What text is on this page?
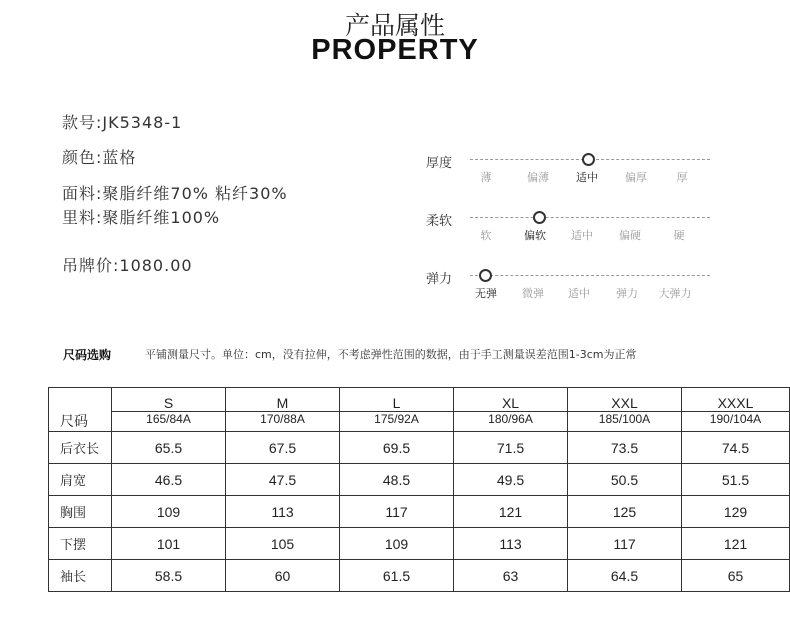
产品属性
PROPERTY
款号:JK5348-1
颜色:蓝格
面料:聚脂纤维70% 粘纤30%
里料:聚脂纤维100%
吊牌价:1080.00
厚度
薄	偏薄	适中	偏厚	厚
柔软
软	偏软	适中	偏硬	硬
弹力
无弹	微弹	适中	弹力	大弹力
尺码选购	平铺测量尺寸。单位：cm，没有拉伸，不考虑弹性范围的数据，由于手工测量误差范围1-3cm为正常
尺码	S	M	L	XL	XXL	XXXL
	165/84A	170/88A	175/92A	180/96A	185/100A	190/104A
后衣长	65.5	67.5	69.5	71.5	73.5	74.5
肩宽	46.5	47.5	48.5	49.5	50.5	51.5
胸围	109	113	117	121	125	129
下摆	101	105	109	113	117	121
袖长	58.5	60	61.5	63	64.5	65
